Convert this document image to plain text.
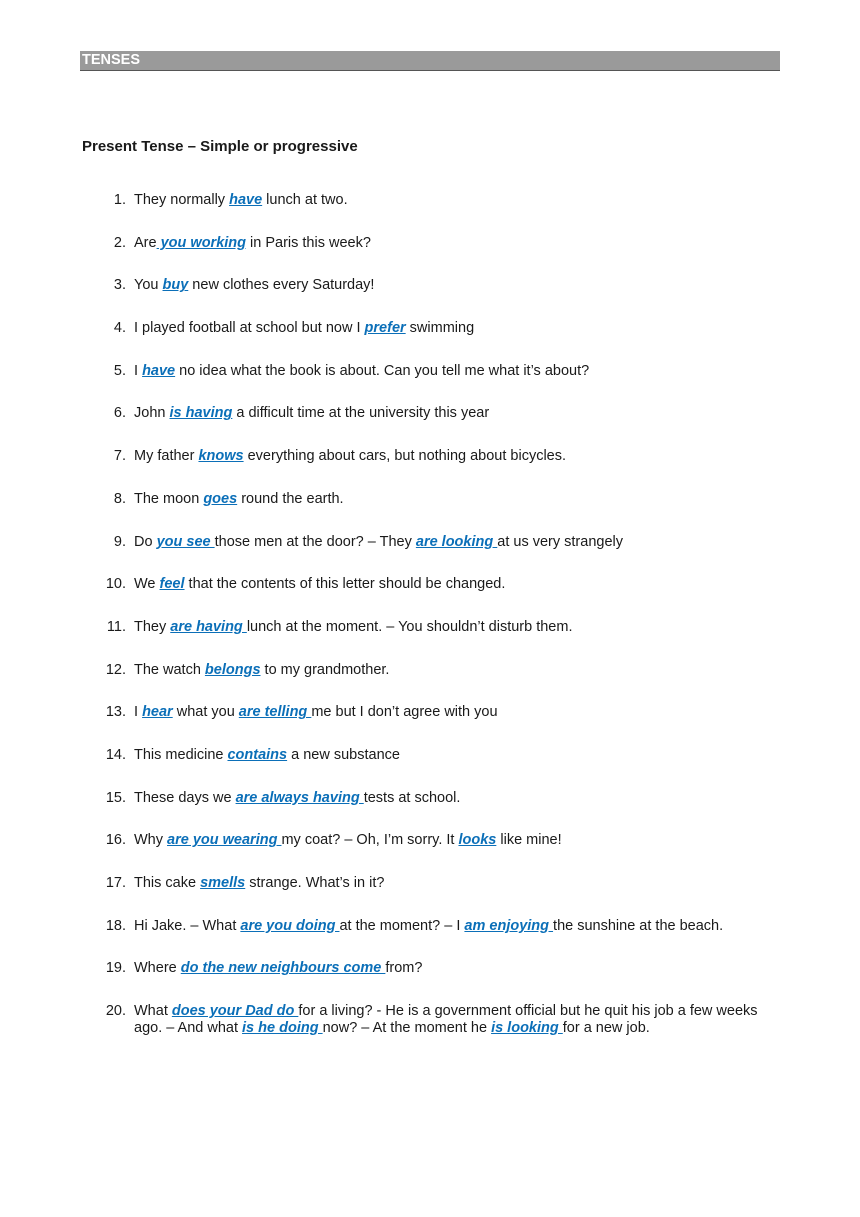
TENSES
Present Tense – Simple or progressive
1. They normally have lunch at two.
2. Are you working in Paris this week?
3. You buy new clothes every Saturday!
4. I played football at school but now I prefer swimming
5. I have no idea what the book is about. Can you tell me what it’s about?
6. John is having a difficult time at the university this year
7. My father knows everything about cars, but nothing about bicycles.
8. The moon goes round the earth.
9. Do you see those men at the door? – They are looking at us very strangely
10. We feel that the contents of this letter should be changed.
11. They are having lunch at the moment. – You shouldn’t disturb them.
12. The watch belongs to my grandmother.
13. I hear what you are telling me but I don’t agree with you
14. This medicine contains a new substance
15. These days we are always having tests at school.
16. Why are you wearing my coat? – Oh, I’m sorry. It looks like mine!
17. This cake smells strange. What’s in it?
18. Hi Jake. – What are you doing at the moment? – I am enjoying the sunshine at the beach.
19. Where do the new neighbours come from?
20. What does your Dad do for a living? - He is a government official but he quit his job a few weeks ago. – And what is he doing now? – At the moment he is looking for a new job.
